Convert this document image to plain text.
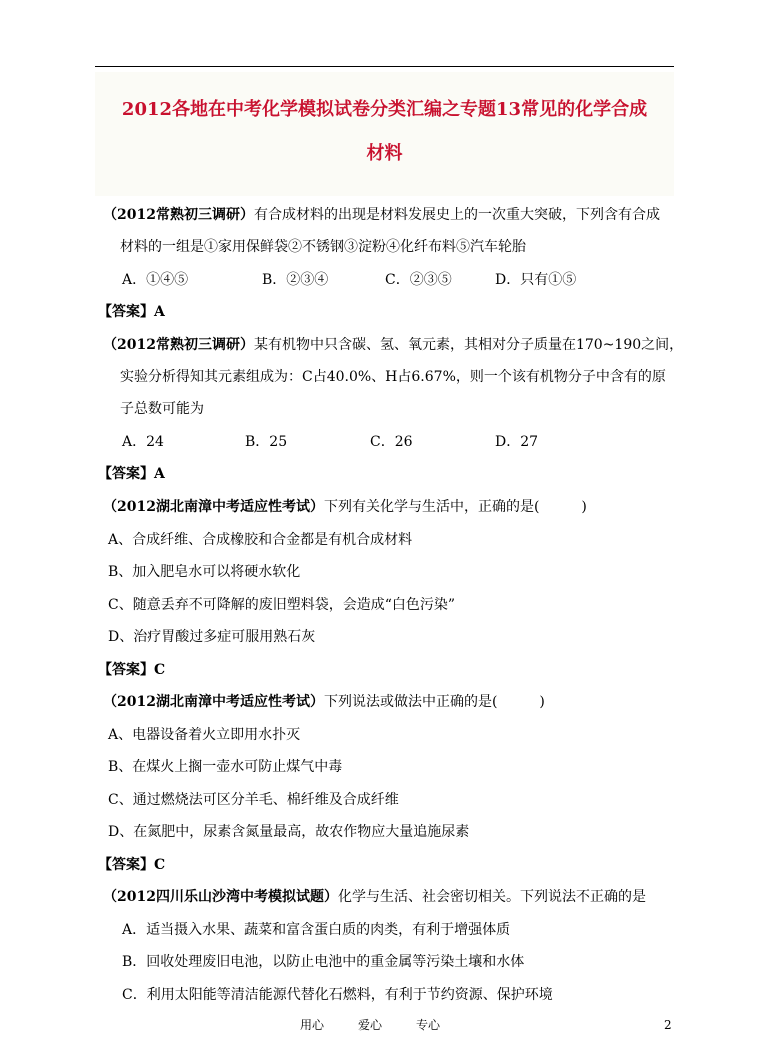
2012各地在中考化学模拟试卷分类汇编之专题13常见的化学合成
材料
（2012常熟初三调研）有合成材料的出现是材料发展史上的一次重大突破，下列含有合成
材料的一组是①家用保鲜袋②不锈钢③淀粉④化纤布料⑤汽车轮胎
A．①④⑤	B．②③④	C．②③⑤	D．只有①⑤
【答案】A
（2012常熟初三调研）某有机物中只含碳、氢、氧元素，其相对分子质量在170~190之间，
实验分析得知其元素组成为：C占40.0%、H占6.67%，则一个该有机物分子中含有的原
子总数可能为
A．24	B．25	C．26	D．27
【答案】A
（2012湖北南漳中考适应性考试）下列有关化学与生活中，正确的是(　　　)
A、合成纤维、合成橡胶和合金都是有机合成材料
B、加入肥皂水可以将硬水软化
C、随意丢弃不可降解的废旧塑料袋，会造成“白色污染”
D、治疗胃酸过多症可服用熟石灰
【答案】C
（2012湖北南漳中考适应性考试）下列说法或做法中正确的是(　　　)
A、电器设备着火立即用水扑灭
B、在煤火上搁一壶水可防止煤气中毒
C、通过燃烧法可区分羊毛、棉纤维及合成纤维
D、在氮肥中，尿素含氮量最高，故农作物应大量追施尿素
【答案】C
（2012四川乐山沙湾中考模拟试题）化学与生活、社会密切相关。下列说法不正确的是
A．适当摄入水果、蔬菜和富含蛋白质的肉类，有利于增强体质
B．回收处理废旧电池，以防止电池中的重金属等污染土壤和水体
C．利用太阳能等清洁能源代替化石燃料，有利于节约资源、保护环境
用心	爱心	专心	2
